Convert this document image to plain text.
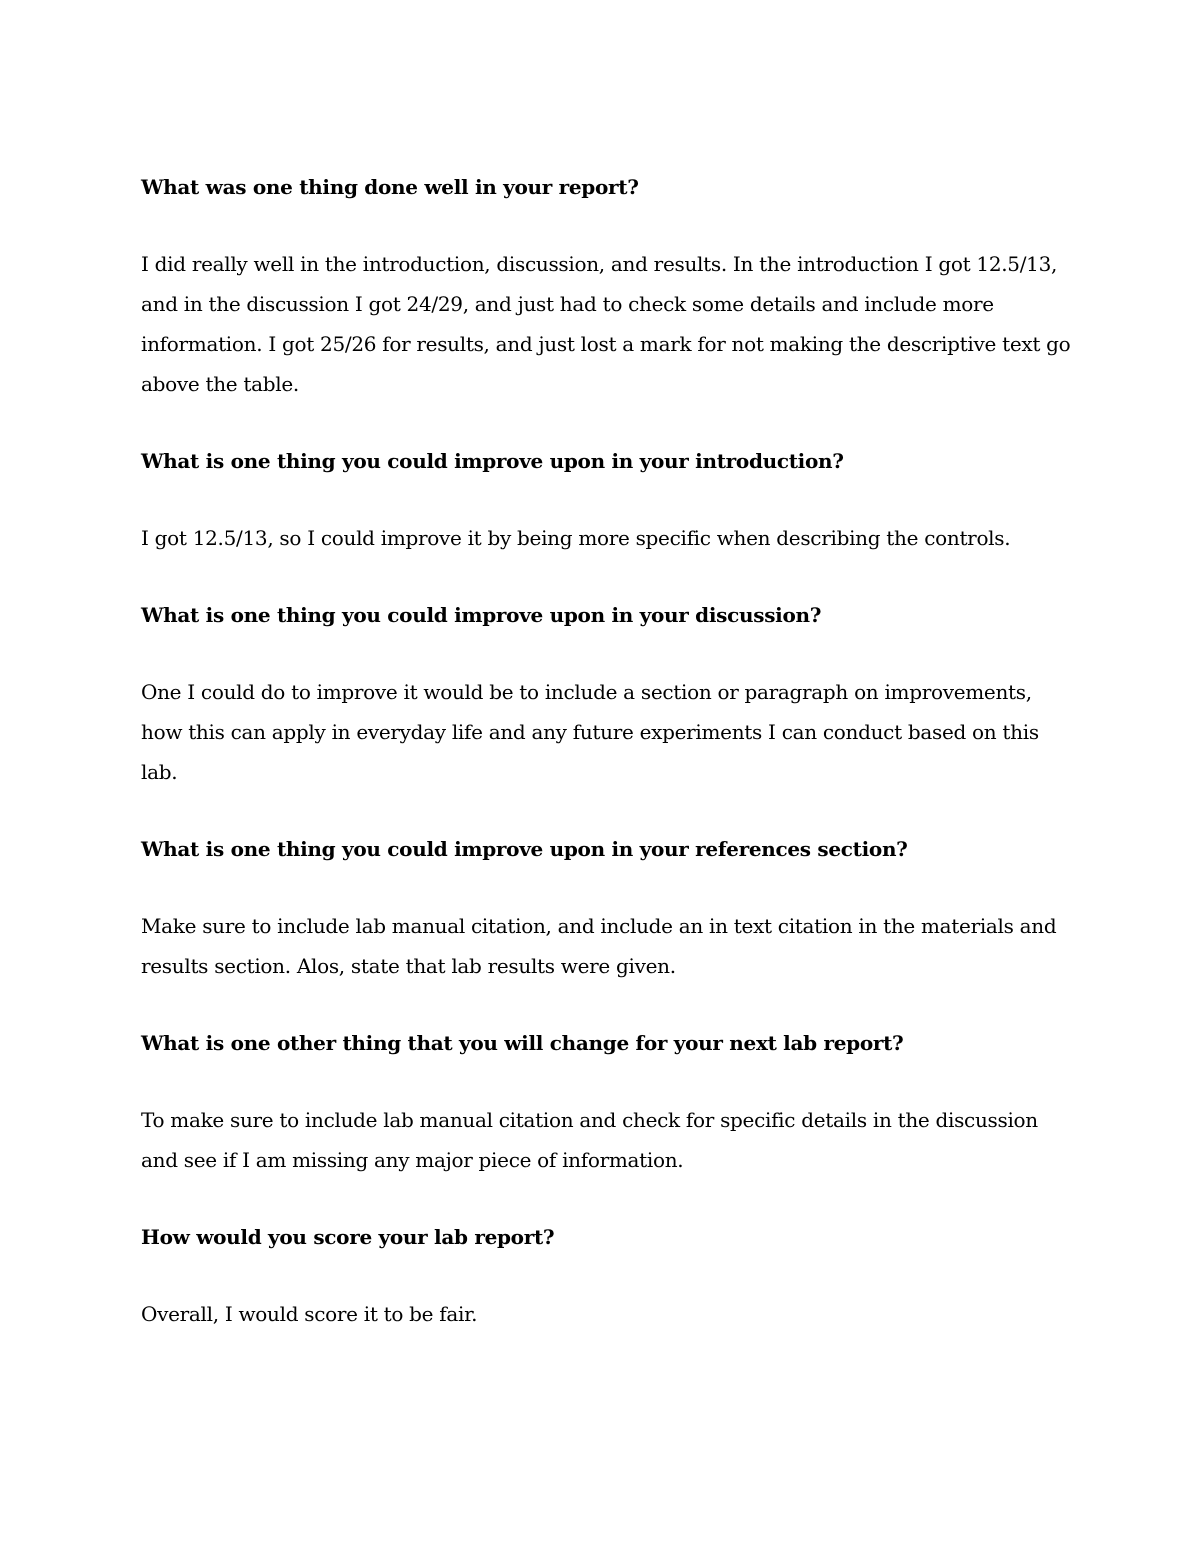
What was one thing done well in your report?

I did really well in the introduction, discussion, and results. In the introduction I got 12.5/13, and in the discussion I got 24/29, and just had to check some details and include more information. I got 25/26 for results, and just lost a mark for not making the descriptive text go above the table.

What is one thing you could improve upon in your introduction?

I got 12.5/13, so I could improve it by being more specific when describing the controls.

What is one thing you could improve upon in your discussion?

One I could do to improve it would be to include a section or paragraph on improvements, how this can apply in everyday life and any future experiments I can conduct based on this lab.

What is one thing you could improve upon in your references section?

Make sure to include lab manual citation, and include an in text citation in the materials and results section. Alos, state that lab results were given.

What is one other thing that you will change for your next lab report?

To make sure to include lab manual citation and check for specific details in the discussion and see if I am missing any major piece of information.

How would you score your lab report?

Overall, I would score it to be fair.
